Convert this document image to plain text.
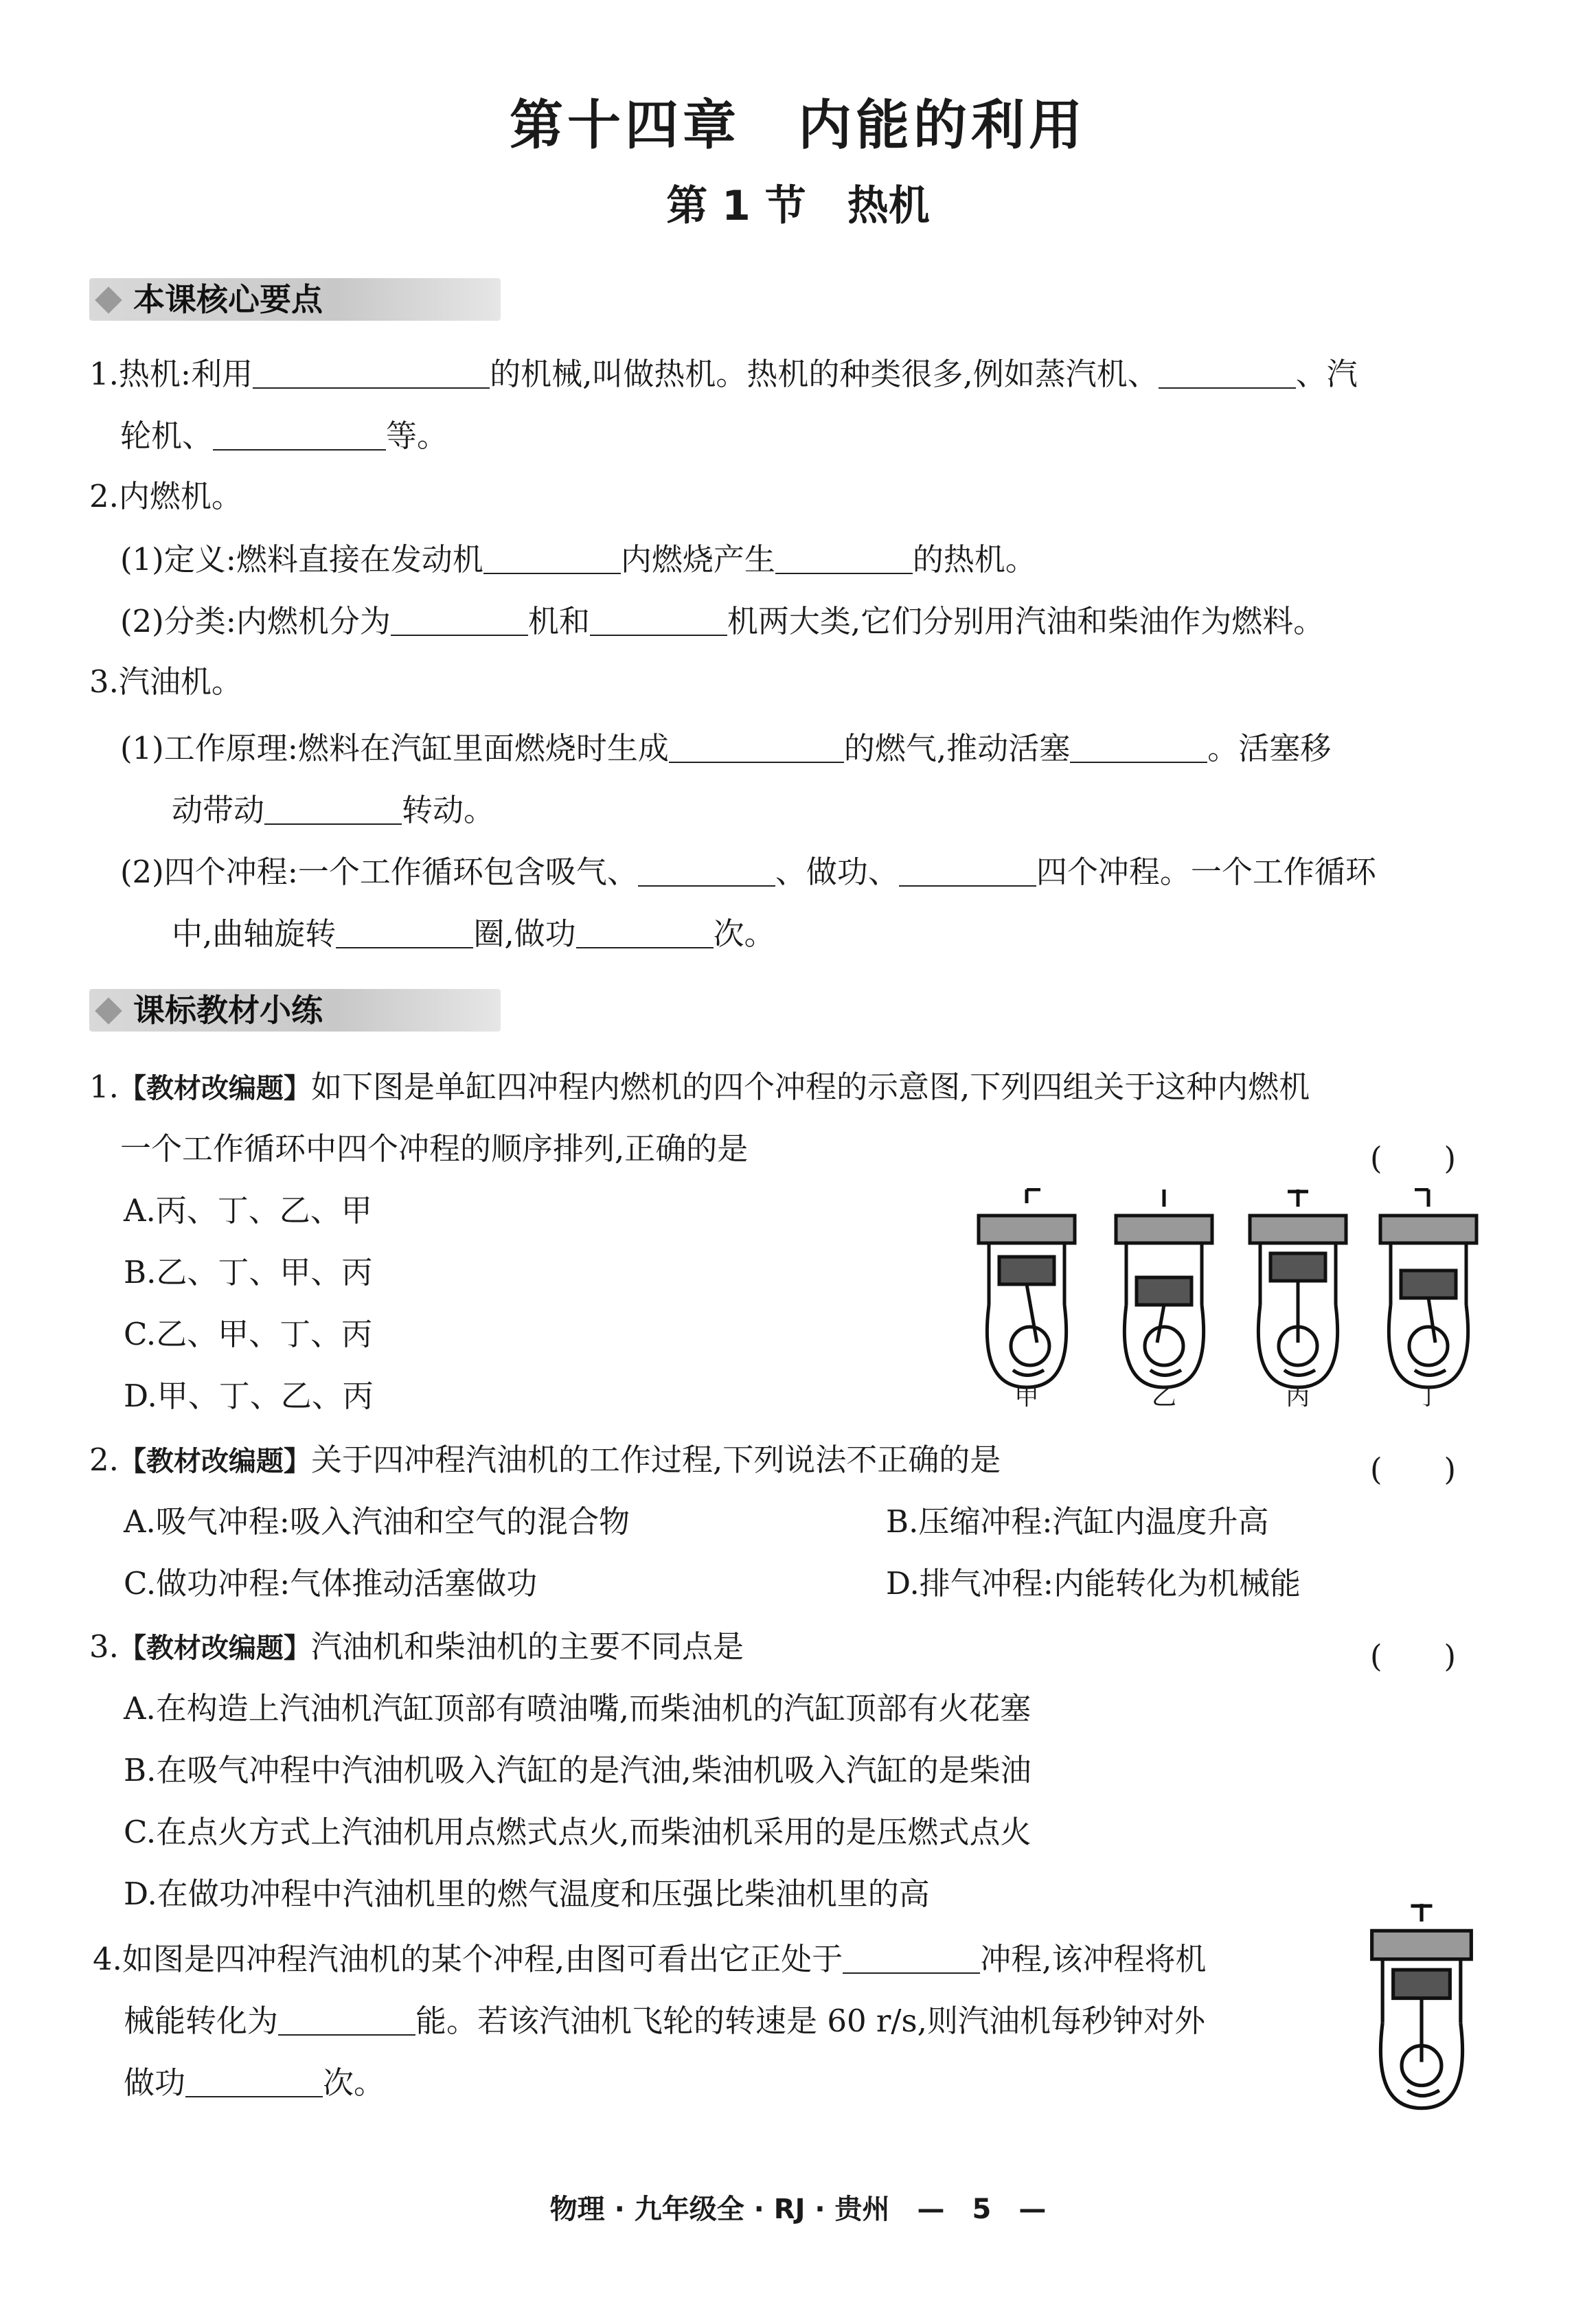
第十四章　内能的利用
第 1 节　热机
本课核心要点
1.热机:利用	的机械,叫做热机。热机的种类很多,例如蒸汽机、	、汽
轮机、	等。
2.内燃机。
(1)定义:燃料直接在发动机	内燃烧产生	的热机。
(2)分类:内燃机分为	机和	机两大类,它们分别用汽油和柴油作为燃料。
3.汽油机。
(1)工作原理:燃料在汽缸里面燃烧时生成	的燃气,推动活塞	。活塞移
动带动	转动。
(2)四个冲程:一个工作循环包含吸气、	、做功、	四个冲程。一个工作循环
中,曲轴旋转	圈,做功	次。
课标教材小练
1.【教材改编题】如下图是单缸四冲程内燃机的四个冲程的示意图,下列四组关于这种内燃机
一个工作循环中四个冲程的顺序排列,正确的是	(　　)
A.丙、丁、乙、甲
B.乙、丁、甲、丙
C.乙、甲、丁、丙
D.甲、丁、乙、丙	甲	乙	丙	丁
2.【教材改编题】关于四冲程汽油机的工作过程,下列说法不正确的是	(　　)
A.吸气冲程:吸入汽油和空气的混合物	B.压缩冲程:汽缸内温度升高
C.做功冲程:气体推动活塞做功	D.排气冲程:内能转化为机械能
3.【教材改编题】汽油机和柴油机的主要不同点是	(　　)
A.在构造上汽油机汽缸顶部有喷油嘴,而柴油机的汽缸顶部有火花塞
B.在吸气冲程中汽油机吸入汽缸的是汽油,柴油机吸入汽缸的是柴油
C.在点火方式上汽油机用点燃式点火,而柴油机采用的是压燃式点火
D.在做功冲程中汽油机里的燃气温度和压强比柴油机里的高
4.如图是四冲程汽油机的某个冲程,由图可看出它正处于	冲程,该冲程将机
械能转化为	能。若该汽油机飞轮的转速是 60 r/s,则汽油机每秒钟对外
做功	次。
物理 · 九年级全 · RJ · 贵州　—　5　—
